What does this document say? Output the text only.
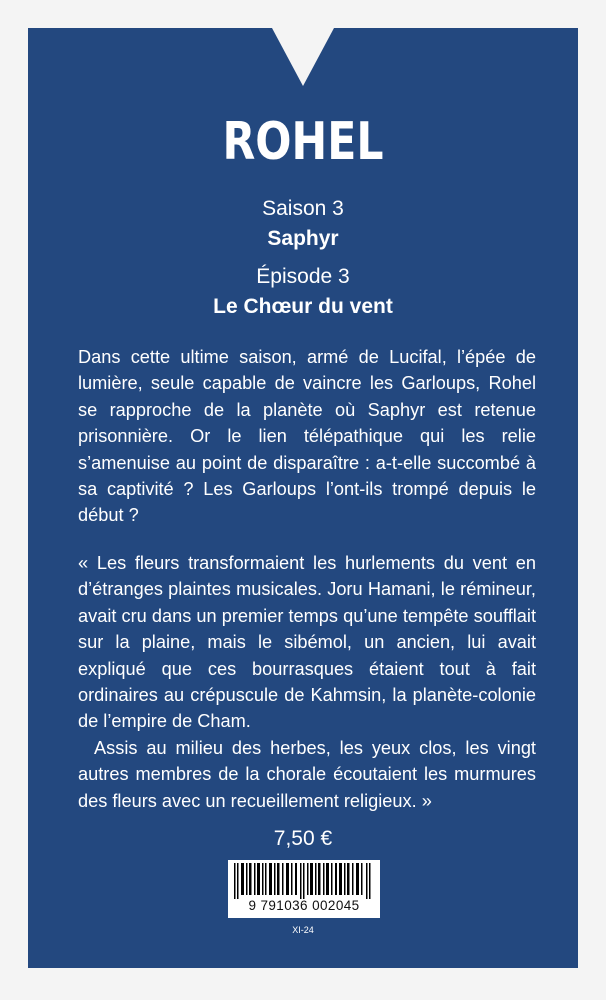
ROHEL
Saison 3
Saphyr
Épisode 3
Le Chœur du vent

Dans cette ultime saison, armé de Lucifal, l’épée de lumière, seule capable de vaincre les Garloups, Rohel se rapproche de la planète où Saphyr est retenue prisonnière. Or le lien télépathique qui les relie s’amenuise au point de disparaître : a-t-elle succombé à sa captivité ? Les Garloups l’ont-ils trompé depuis le début ?

« Les fleurs transformaient les hurlements du vent en d’étranges plaintes musicales. Joru Hamani, le rémineur, avait cru dans un premier temps qu’une tempête soufflait sur la plaine, mais le sibémol, un ancien, lui avait expliqué que ces bourrasques étaient tout à fait ordinaires au crépuscule de Kahmsin, la planète-colonie de l’empire de Cham.

Assis au milieu des herbes, les yeux clos, les vingt autres membres de la chorale écoutaient les murmures des fleurs avec un recueillement religieux. »

7,50 €
9 791036 002045
XI-24
